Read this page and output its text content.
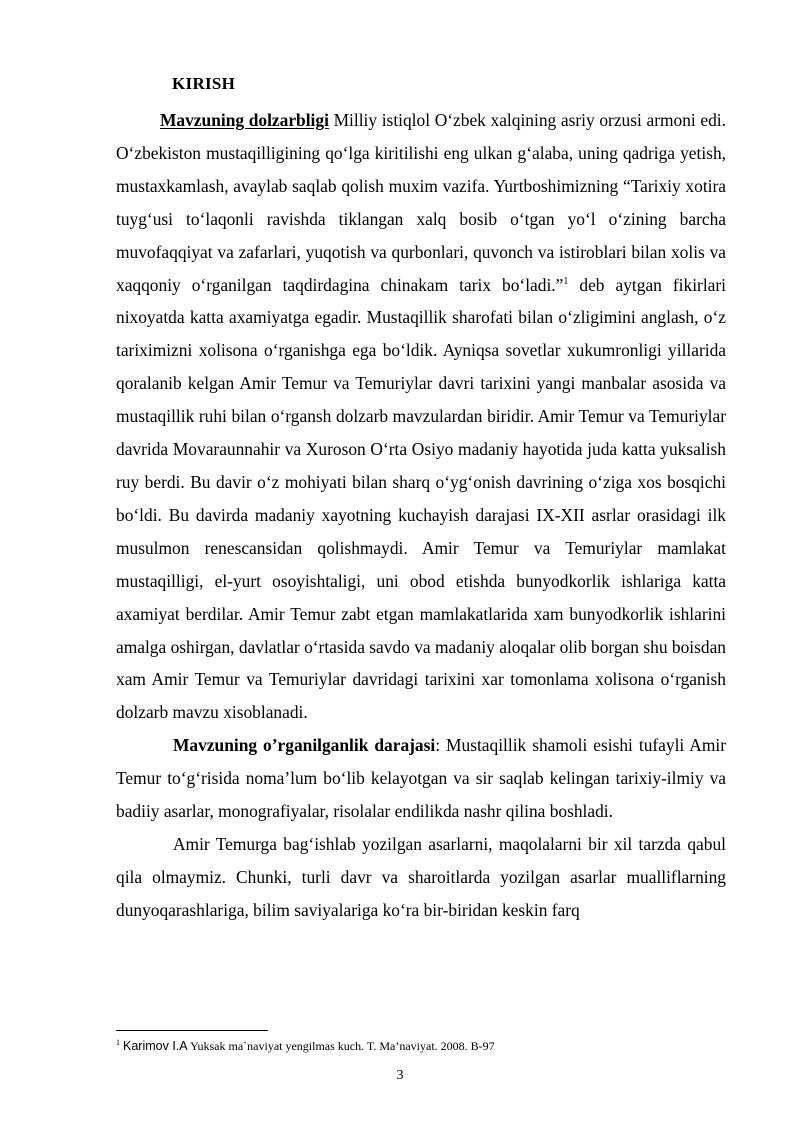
KIRISH

Mavzuning dolzarbligi Milliy istiqlol O‘zbek xalqining asriy orzusi armoni edi. O‘zbekiston mustaqilligining qo‘lga kiritilishi eng ulkan g‘alaba, uning qadriga yetish, mustaxkamlash, avaylab saqlab qolish muxim vazifa. Yurtboshimizning “Tarixiy xotira tuyg‘usi to‘laqonli ravishda tiklangan xalq bosib o‘tgan yo‘l o‘zining barcha muvofaqqiyat va zafarlari, yuqotish va qurbonlari, quvonch va istiroblari bilan xolis va xaqqoniy o‘rganilgan taqdirdagina chinakam tarix bo‘ladi.”$^1$ deb aytgan fikirlari nixoyatda katta axamiyatga egadir. Mustaqillik sharofati bilan o‘zligimini anglash, o‘z tariximizni xolisona o‘rganishga ega bo‘ldik. Ayniqsa sovetlar xukumronligi yillarida qoralanib kelgan Amir Temur va Temuriylar davri tarixini yangi manbalar asosida va mustaqillik ruhi bilan o‘rgansh dolzarb mavzulardan biridir. Amir Temur va Temuriylar davrida Movaraunnahir va Xuroson O‘rta Osiyo madaniy hayotida juda katta yuksalish ruy berdi. Bu davir o‘z mohiyati bilan sharq o‘yg‘onish davrining o‘ziga xos bosqichi bo‘ldi. Bu davirda madaniy xayotning kuchayish darajasi IX-XII asrlar orasidagi ilk musulmon renescansidan qolishmaydi. Amir Temur va Temuriylar mamlakat mustaqilligi, el-yurt osoyishtaligi, uni obod etishda bunyodkorlik ishlariga katta axamiyat berdilar. Amir Temur zabt etgan mamlakatlarida xam bunyodkorlik ishlarini amalga oshirgan, davlatlar o‘rtasida savdo va madaniy aloqalar olib borgan shu boisdan xam Amir Temur va Temuriylar davridagi tarixini xar tomonlama xolisona o‘rganish dolzarb mavzu xisoblanadi.

Mavzuning o’rganilganlik darajasi: Mustaqillik shamoli esishi tufayli Amir Temur to‘g‘risida noma’lum bo‘lib kelayotgan va sir saqlab kelingan tarixiy-ilmiy va badiiy asarlar, monografiyalar, risolalar endilikda nashr qilina boshladi.

Amir Temurga bag‘ishlab yozilgan asarlarni, maqolalarni bir xil tarzda qabul qila olmaymiz. Chunki, turli davr va sharoitlarda yozilgan asarlar mualliflarning dunyoqarashlariga, bilim saviyalariga ko‘ra bir-biridan keskin farq

$^1$ Karimov I.A Yuksak ma`naviyat yengilmas kuch. T. Ma’naviyat. 2008. B-97
3
